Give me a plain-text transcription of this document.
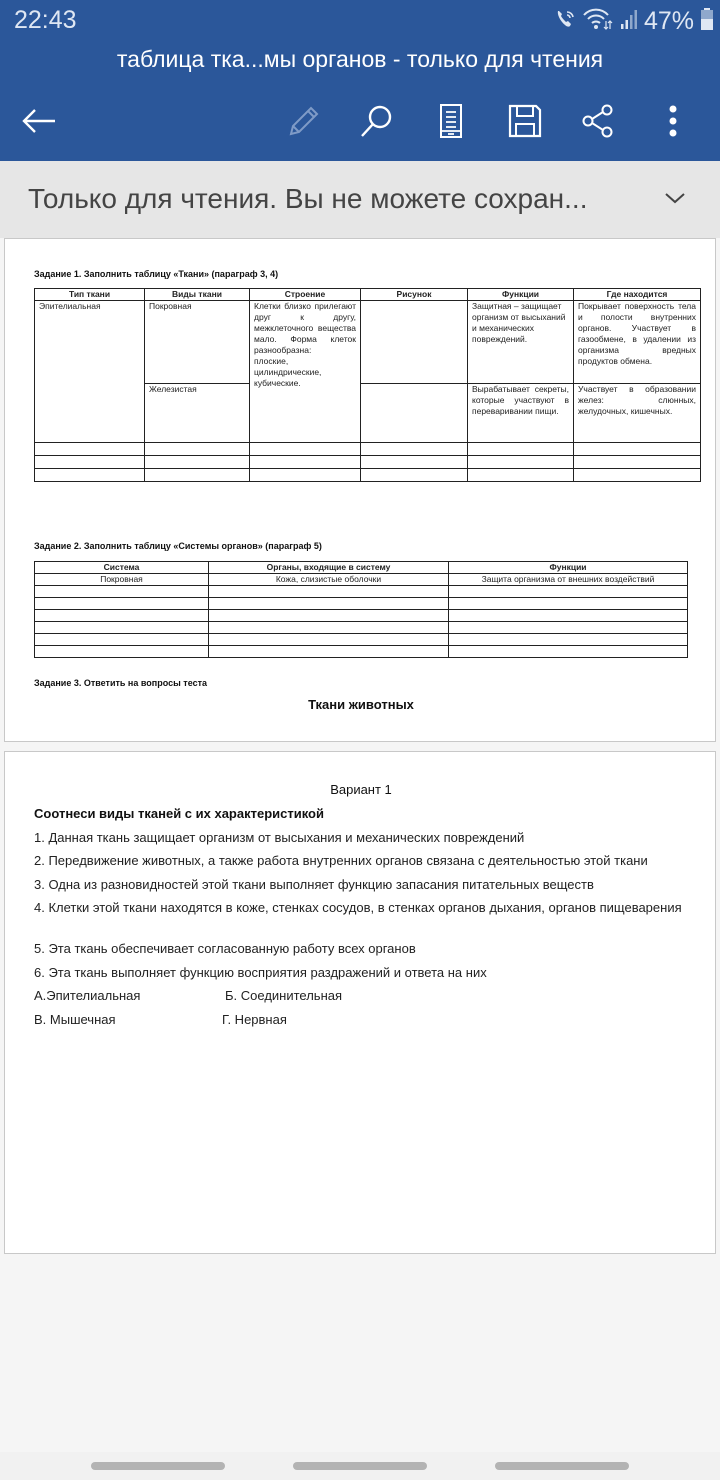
22:43	47%
таблица тка...мы органов - только для чтения
Только для чтения. Вы не можете сохран...
Задание 1. Заполнить таблицу «Ткани» (параграф 3, 4)
Тип ткани	Виды ткани	Строение	Рисунок	Функции	Где находится
Эпителиальная	Покровная	Клетки близко прилегают друг к другу, межклеточного вещества мало. Форма клеток разнообразна:
плоские, цилиндрические, кубические.		Защитная – защищает организм от высыханий и механических повреждений.	Покрывает поверхность тела и полости внутренних органов. Участвует в газообмене, в удалении из организма вредных продуктов обмена.
	Железистая			Вырабатывает секреты, которые участвуют в переваривании пищи.	Участвует в образовании желез: слюнных, желудочных, кишечных.

Задание 2. Заполнить таблицу «Системы органов» (параграф 5)
Система	Органы, входящие в систему	Функции
Покровная	Кожа, слизистые оболочки	Защита организма от внешних воздействий

Задание 3. Ответить на вопросы теста
Ткани животных
Вариант 1
Соотнеси виды тканей с их характеристикой
1. Данная ткань защищает организм от высыхания и механических повреждений
2. Передвижение животных, а также работа внутренних органов связана с деятельностью этой ткани
3. Одна из разновидностей этой ткани выполняет функцию запасания питательных веществ
4. Клетки этой ткани находятся в коже, стенках сосудов, в стенках органов дыхания, органов пищеварения
5. Эта ткань обеспечивает согласованную работу всех органов
6. Эта ткань выполняет функцию восприятия раздражений и ответа на них
А.Эпителиальная	Б. Соединительная
В. Мышечная	Г. Нервная
